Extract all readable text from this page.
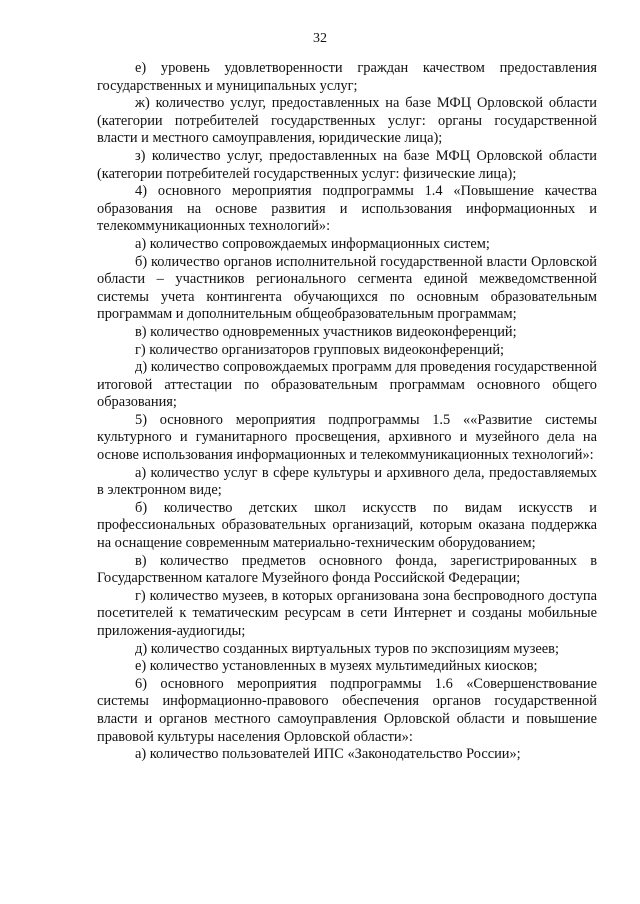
32

е) уровень удовлетворенности граждан качеством предоставления государственных и муниципальных услуг;

ж) количество услуг, предоставленных на базе МФЦ Орловской области (категории потребителей государственных услуг: органы государственной власти и местного самоуправления, юридические лица);

з) количество услуг, предоставленных на базе МФЦ Орловской области (категории потребителей государственных услуг: физические лица);

4) основного мероприятия подпрограммы 1.4 «Повышение качества образования на основе развития и использования информационных и телекоммуникационных технологий»:

а) количество сопровождаемых информационных систем;

б) количество органов исполнительной государственной власти Орловской области – участников регионального сегмента единой межведомственной системы учета контингента обучающихся по основным образовательным программам и дополнительным общеобразовательным программам;

в) количество одновременных участников видеоконференций;

г) количество организаторов групповых видеоконференций;

д) количество сопровождаемых программ для проведения государственной итоговой аттестации по образовательным программам основного общего образования;

5) основного мероприятия подпрограммы 1.5 ««Развитие системы культурного и гуманитарного просвещения, архивного и музейного дела на основе использования информационных и телекоммуникационных технологий»:

а) количество услуг в сфере культуры и архивного дела, предоставляемых в электронном виде;

б) количество детских школ искусств по видам искусств и профессиональных образовательных организаций, которым оказана поддержка на оснащение современным материально-техническим оборудованием;

в) количество предметов основного фонда, зарегистрированных в Государственном каталоге Музейного фонда Российской Федерации;

г) количество музеев, в которых организована зона беспроводного доступа посетителей к тематическим ресурсам в сети Интернет и созданы мобильные приложения-аудиогиды;

д) количество созданных виртуальных туров по экспозициям музеев;

е) количество установленных в музеях мультимедийных киосков;

6) основного мероприятия подпрограммы 1.6 «Совершенствование системы информационно-правового обеспечения органов государственной власти и органов местного самоуправления Орловской области и повышение правовой культуры населения Орловской области»:

а) количество пользователей ИПС «Законодательство России»;
